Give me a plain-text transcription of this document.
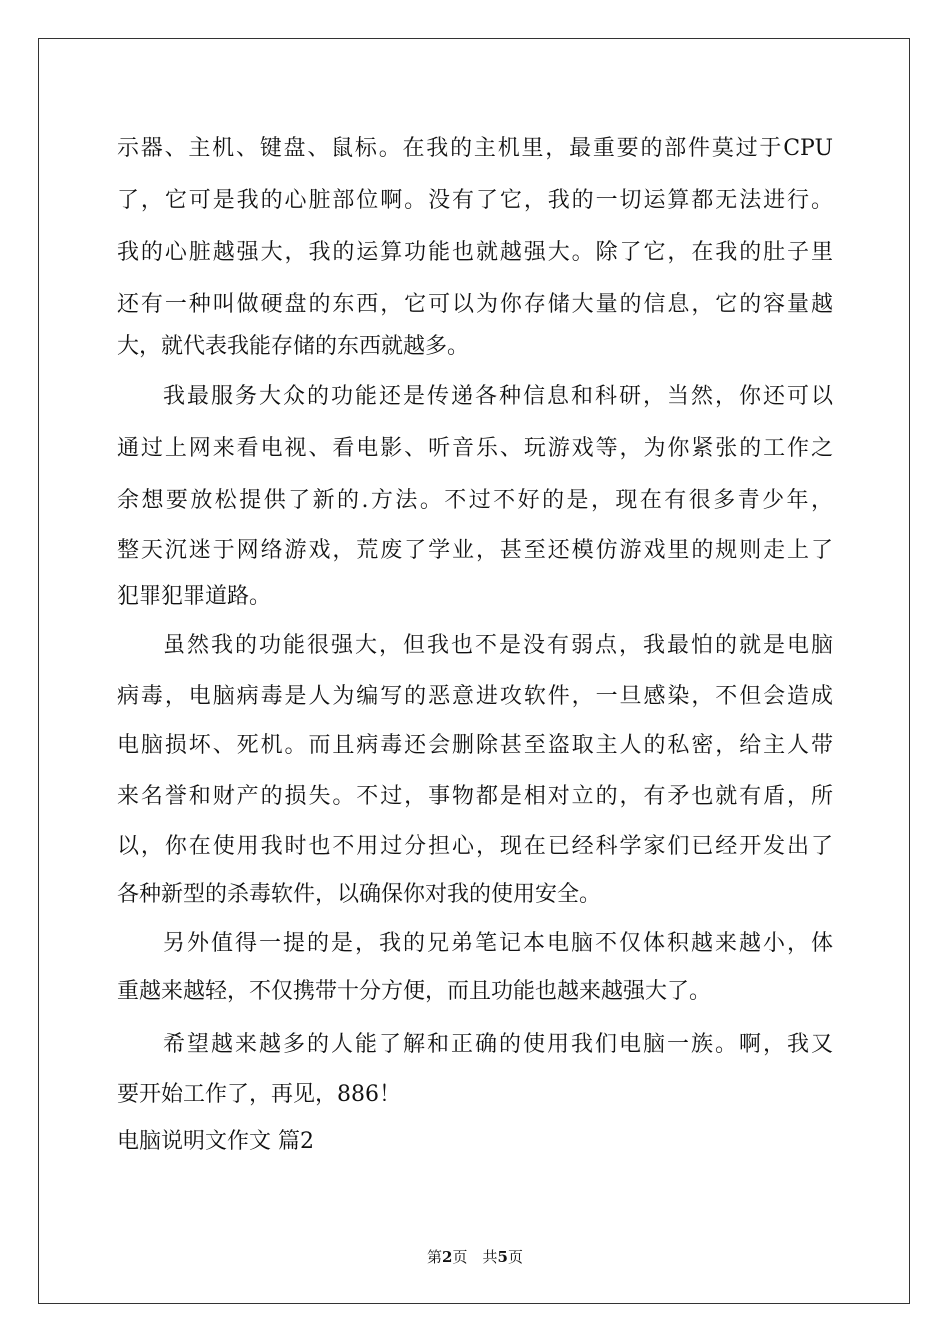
示器、主机、键盘、鼠标。在我的主机里，最重要的部件莫过于CPU
了，它可是我的心脏部位啊。没有了它，我的一切运算都无法进行。
我的心脏越强大，我的运算功能也就越强大。除了它，在我的肚子里
还有一种叫做硬盘的东西，它可以为你存储大量的信息，它的容量越
大，就代表我能存储的东西就越多。
我最服务大众的功能还是传递各种信息和科研，当然，你还可以
通过上网来看电视、看电影、听音乐、玩游戏等，为你紧张的工作之
余想要放松提供了新的.方法。不过不好的是，现在有很多青少年，
整天沉迷于网络游戏，荒废了学业，甚至还模仿游戏里的规则走上了
犯罪犯罪道路。
虽然我的功能很强大，但我也不是没有弱点，我最怕的就是电脑
病毒，电脑病毒是人为编写的恶意进攻软件，一旦感染，不但会造成
电脑损坏、死机。而且病毒还会删除甚至盗取主人的私密，给主人带
来名誉和财产的损失。不过，事物都是相对立的，有矛也就有盾，所
以，你在使用我时也不用过分担心，现在已经科学家们已经开发出了
各种新型的杀毒软件，以确保你对我的使用安全。
另外值得一提的是，我的兄弟笔记本电脑不仅体积越来越小，体
重越来越轻，不仅携带十分方便，而且功能也越来越强大了。
希望越来越多的人能了解和正确的使用我们电脑一族。啊，我又
要开始工作了，再见，886！
电脑说明文作文 篇2
第2页　共5页
